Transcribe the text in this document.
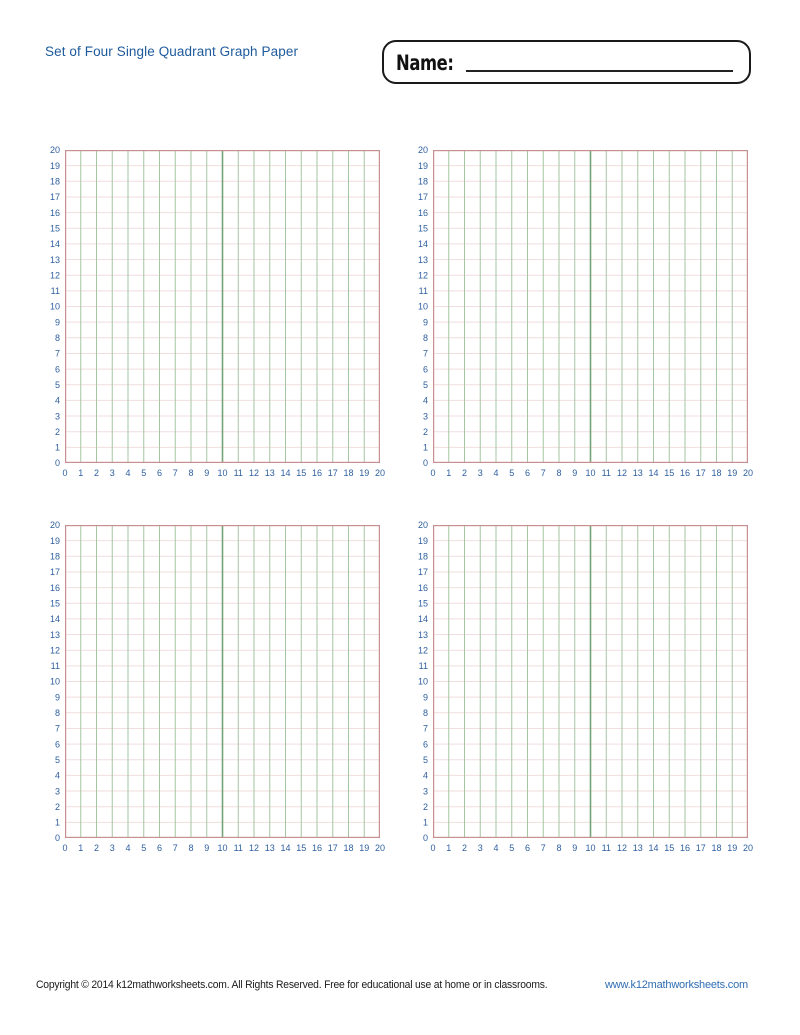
Set of Four Single Quadrant Graph Paper	Name:
0
1
2
3
4
5
6
7
8
9
10
11
12
13
14
15
16
17
18
19
20
0 1 2 3 4 5 6 7 8 9 10 11 12 13 14 15 16 17 18 19 20
0
1
2
3
4
5
6
7
8
9
10
11
12
13
14
15
16
17
18
19
20
0 1 2 3 4 5 6 7 8 9 10 11 12 13 14 15 16 17 18 19 20
0
1
2
3
4
5
6
7
8
9
10
11
12
13
14
15
16
17
18
19
20
0 1 2 3 4 5 6 7 8 9 10 11 12 13 14 15 16 17 18 19 20
0
1
2
3
4
5
6
7
8
9
10
11
12
13
14
15
16
17
18
19
20
0 1 2 3 4 5 6 7 8 9 10 11 12 13 14 15 16 17 18 19 20
Copyright © 2014 k12mathworksheets.com. All Rights Reserved. Free for educational use at home or in classrooms.	www.k12mathworksheets.com
